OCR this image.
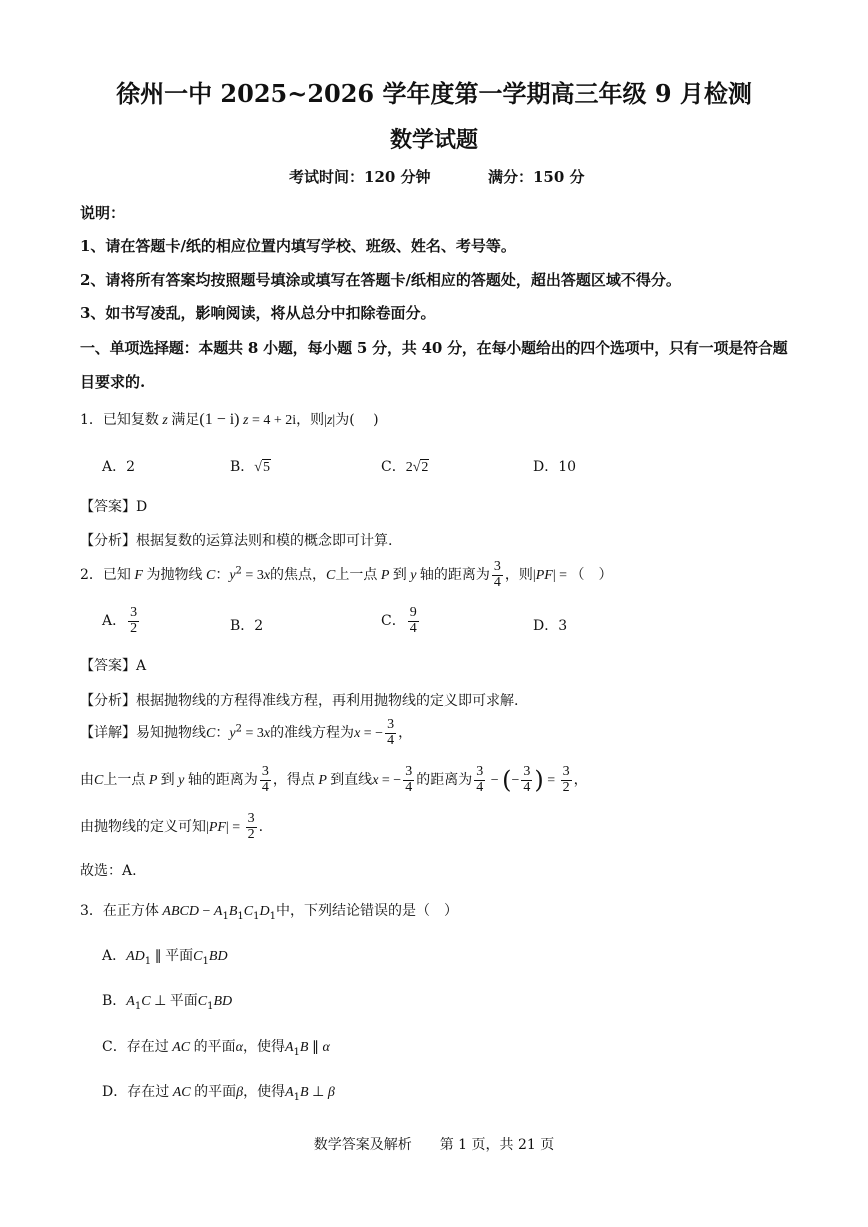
徐州一中 2025~2026 学年度第一学期高三年级 9 月检测
数学试题
考试时间：120 分钟	满分：150 分
说明：
1、请在答题卡/纸的相应位置内填写学校、班级、姓名、考号等。
2、请将所有答案均按照题号填涂或填写在答题卡/纸相应的答题处，超出答题区域不得分。
3、如书写凌乱，影响阅读，将从总分中扣除卷面分。
一、单项选择题：本题共 8 小题，每小题 5 分，共 40 分，在每小题给出的四个选项中，只有一项是符合题
目要求的.
1．已知复数 z 满足(1 − i) z = 4 + 2i，则|z|为(　 )
A．2	B．√5	C．2√2	D．10
【答案】D
【分析】根据复数的运算法则和模的概念即可计算.
2．已知 F 为抛物线 C：$y^2 = 3x$的焦点，C上一点 P 到 y 轴的距离为 $\frac{3}{4}$ ，则|PF| = （　）
A． $\frac{3}{2}$	B．2	C． $\frac{9}{4}$	D．3
【答案】A
【分析】根据抛物线的方程得准线方程，再利用抛物线的定义即可求解.
【详解】易知抛物线C：$y^2 = 3x$的准线方程为x = − $\frac{3}{4}$ ，
由C上一点 P 到 y 轴的距离为 $\frac{3}{4}$ ，得点 P 到直线x = − $\frac{3}{4}$ 的距离为 $\frac{3}{4}$ − (− $\frac{3}{4}$ ) = $\frac{3}{2}$ ，
由抛物线的定义可知$|PF| = \frac{3}{2}$ .
故选：A.
3．在正方体 ABCD − $A_1B_1C_1D_1$中，下列结论错误的是（　）
A．$AD_1$ ∥ 平面$C_1BD$
B．$A_1C$ ⊥ 平面$C_1BD$
C．存在过 AC 的平面α，使得$A_1B$ ∥ α
D．存在过 AC 的平面β，使得$A_1B$ ⊥ β
数学答案及解析　　第 1 页，共 21 页
